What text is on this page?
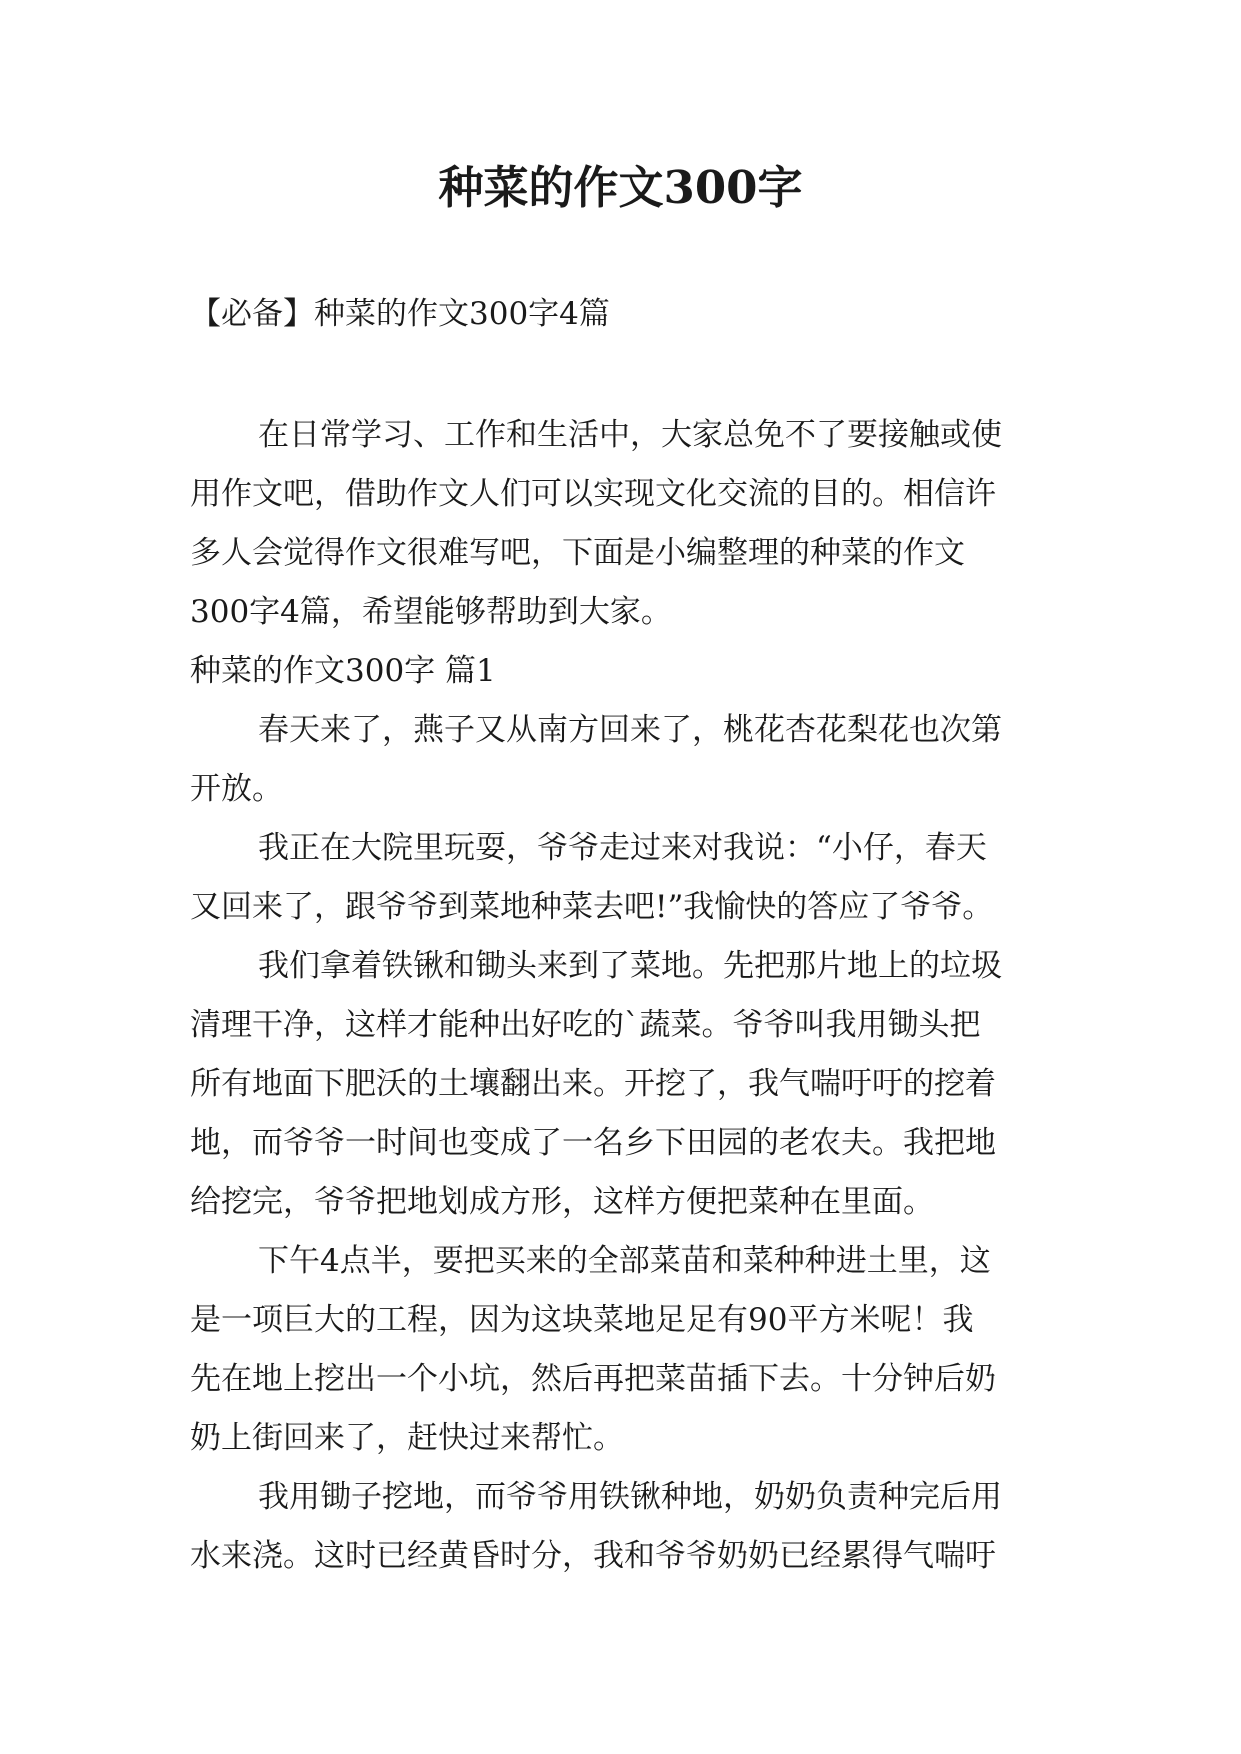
种菜的作文300字
【必备】种菜的作文300字4篇
在日常学习、工作和生活中，大家总免不了要接触或使
用作文吧，借助作文人们可以实现文化交流的目的。相信许
多人会觉得作文很难写吧，下面是小编整理的种菜的作文
300字4篇，希望能够帮助到大家。
种菜的作文300字 篇1
春天来了，燕子又从南方回来了，桃花杏花梨花也次第
开放。
我正在大院里玩耍，爷爷走过来对我说：“小仔，春天
又回来了，跟爷爷到菜地种菜去吧!”我愉快的答应了爷爷。
我们拿着铁锹和锄头来到了菜地。先把那片地上的垃圾
清理干净，这样才能种出好吃的`蔬菜。爷爷叫我用锄头把
所有地面下肥沃的土壤翻出来。开挖了，我气喘吁吁的挖着
地，而爷爷一时间也变成了一名乡下田园的老农夫。我把地
给挖完，爷爷把地划成方形，这样方便把菜种在里面。
下午4点半，要把买来的全部菜苗和菜种种进土里，这
是一项巨大的工程，因为这块菜地足足有90平方米呢！我
先在地上挖出一个小坑，然后再把菜苗插下去。十分钟后奶
奶上街回来了，赶快过来帮忙。
我用锄子挖地，而爷爷用铁锹种地，奶奶负责种完后用
水来浇。这时已经黄昏时分，我和爷爷奶奶已经累得气喘吁
